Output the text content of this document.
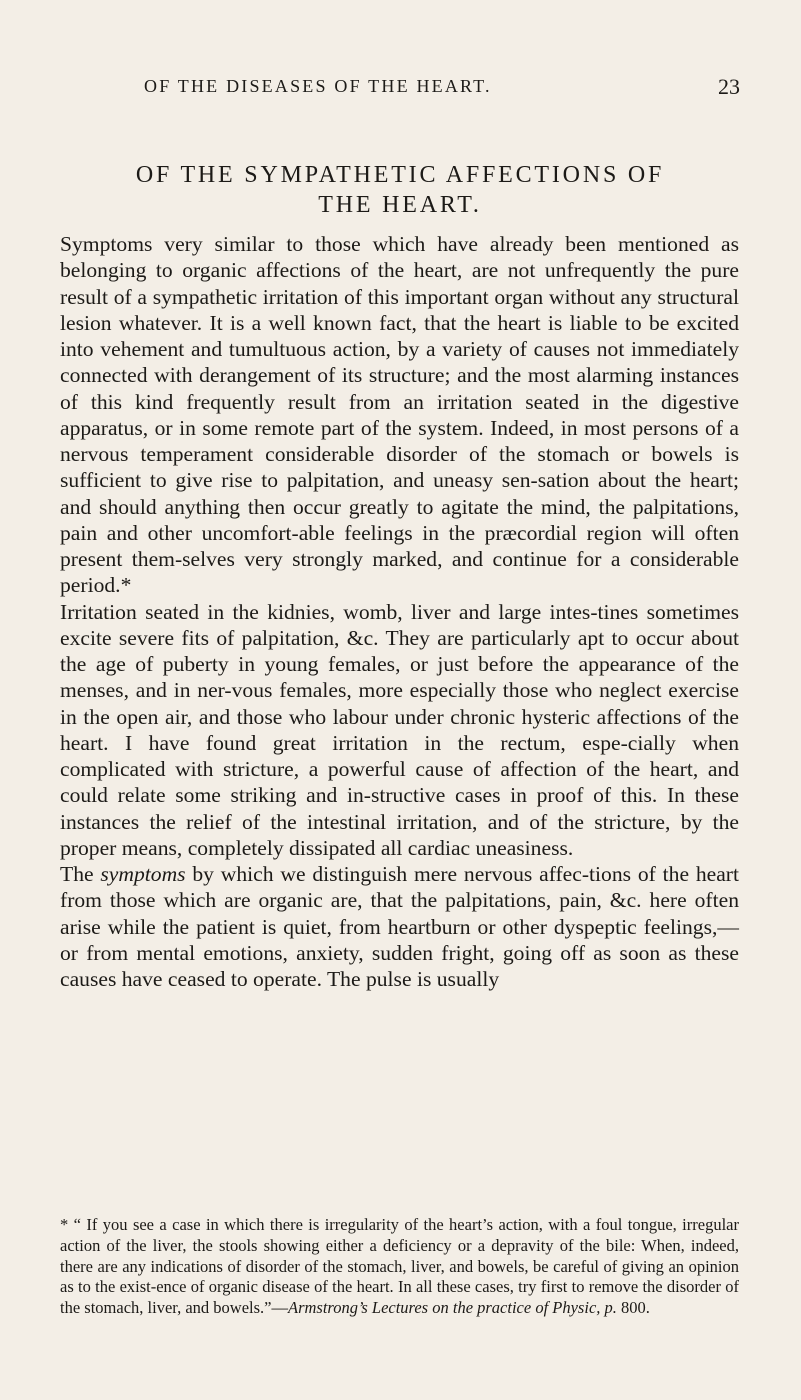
OF THE DISEASES OF THE HEART.	23
OF THE SYMPATHETIC AFFECTIONS OF
THE HEART.

Symptoms very similar to those which have already been mentioned as belonging to organic affections of the heart, are not unfrequently the pure result of a sympathetic irritation of this important organ without any structural lesion whatever. It is a well known fact, that the heart is liable to be excited into vehement and tumultuous action, by a variety of causes not immediately connected with derangement of its structure; and the most alarming instances of this kind frequently result from an irritation seated in the digestive apparatus, or in some remote part of the system. Indeed, in most persons of a nervous temperament considerable disorder of the stomach or bowels is sufficient to give rise to palpitation, and uneasy sen-sation about the heart; and should anything then occur greatly to agitate the mind, the palpitations, pain and other uncomfort-able feelings in the præcordial region will often present them-selves very strongly marked, and continue for a considerable period.*

Irritation seated in the kidnies, womb, liver and large intes-tines sometimes excite severe fits of palpitation, &c. They are particularly apt to occur about the age of puberty in young females, or just before the appearance of the menses, and in ner-vous females, more especially those who neglect exercise in the open air, and those who labour under chronic hysteric affections of the heart. I have found great irritation in the rectum, espe-cially when complicated with stricture, a powerful cause of affection of the heart, and could relate some striking and in-structive cases in proof of this. In these instances the relief of the intestinal irritation, and of the stricture, by the proper means, completely dissipated all cardiac uneasiness.

The symptoms by which we distinguish mere nervous affec-tions of the heart from those which are organic are, that the palpitations, pain, &c. here often arise while the patient is quiet, from heartburn or other dyspeptic feelings,—or from mental emotions, anxiety, sudden fright, going off as soon as these causes have ceased to operate. The pulse is usually

* “ If you see a case in which there is irregularity of the heart’s action, with a foul tongue, irregular action of the liver, the stools showing either a deficiency or a depravity of the bile: When, indeed, there are any indications of disorder of the stomach, liver, and bowels, be careful of giving an opinion as to the exist-ence of organic disease of the heart. In all these cases, try first to remove the disorder of the stomach, liver, and bowels.”—Armstrong’s Lectures on the practice of Physic, p. 800.
